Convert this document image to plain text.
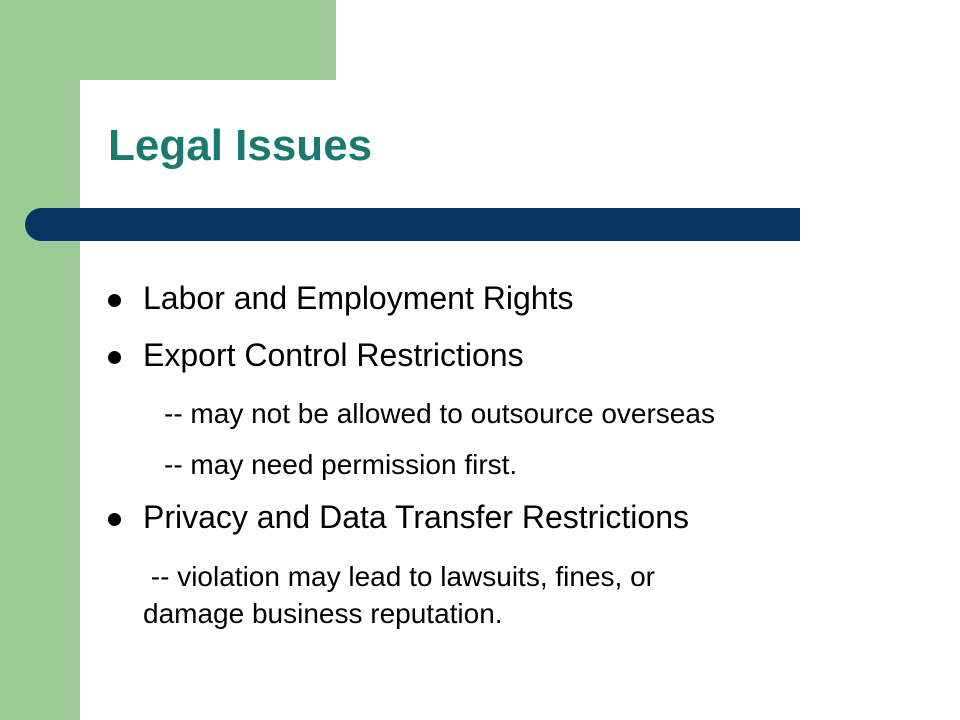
Legal Issues

Labor and Employment Rights

Export Control Restrictions

-- may not be allowed to outsource overseas

-- may need permission first.

Privacy and Data Transfer Restrictions

-- violation may lead to lawsuits, fines, or

damage business reputation.
